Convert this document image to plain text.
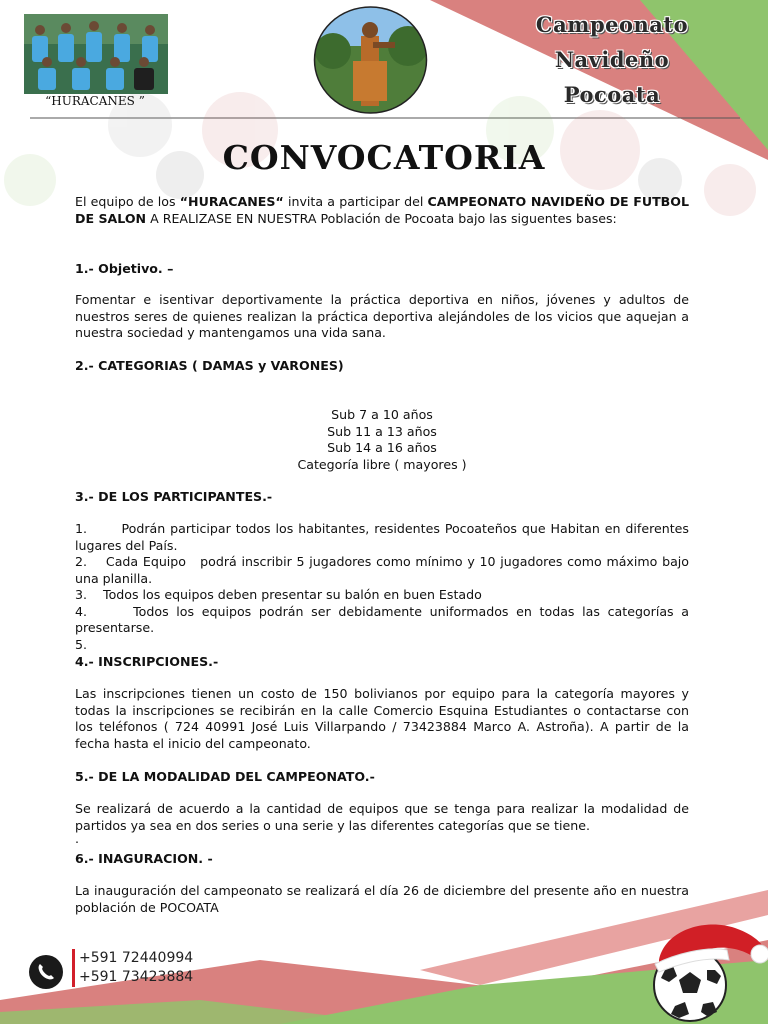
“HURACANES ”
Campeonato
Navideño
Pocoata
CONVOCATORIA

El equipo de los “HURACANES“ invita a participar del CAMPEONATO NAVIDEÑO DE FUTBOL DE SALON A REALIZASE EN NUESTRA Población de Pocoata bajo las siguentes bases:

1.- Objetivo. –

Fomentar e isentivar deportivamente la práctica deportiva en niños, jóvenes y adultos de nuestros seres de quienes realizan la práctica deportiva alejándoles de los vicios que aquejan a nuestra sociedad y mantengamos una vida sana.

2.- CATEGORIAS ( DAMAS y VARONES)

Sub 7 a 10 años

Sub 11 a 13 años

Sub 14 a 16 años

Categoría libre ( mayores )

3.- DE LOS PARTICIPANTES.-

1.       Podrán participar todos los habitantes, residentes Pocoateños que Habitan en diferentes lugares del País.

2.    Cada Equipo   podrá inscribir 5 jugadores como mínimo y 10 jugadores como máximo bajo una planilla.

3.    Todos los equipos deben presentar su balón en buen Estado

4.      Todos los equipos podrán ser debidamente uniformados en todas las categorías a presentarse.

5.

4.- INSCRIPCIONES.-

Las inscripciones tienen un costo de 150 bolivianos por equipo para la categoría mayores y todas la inscripciones se recibirán en la calle Comercio Esquina Estudiantes o contactarse con los teléfonos ( 724 40991 José Luis Villarpando / 73423884 Marco A. Astroña). A partir de la fecha hasta el inicio del campeonato.

5.- DE LA MODALIDAD DEL CAMPEONATO.-

Se realizará de acuerdo a la cantidad de equipos que se tenga para realizar la modalidad de partidos ya sea en dos series o una serie y las diferentes categorías que se tiene.

.

6.- INAGURACION. -

La inauguración del campeonato se realizará el día 26 de diciembre del presente año en nuestra población de POCOATA

+591 72440994
+591 73423884
